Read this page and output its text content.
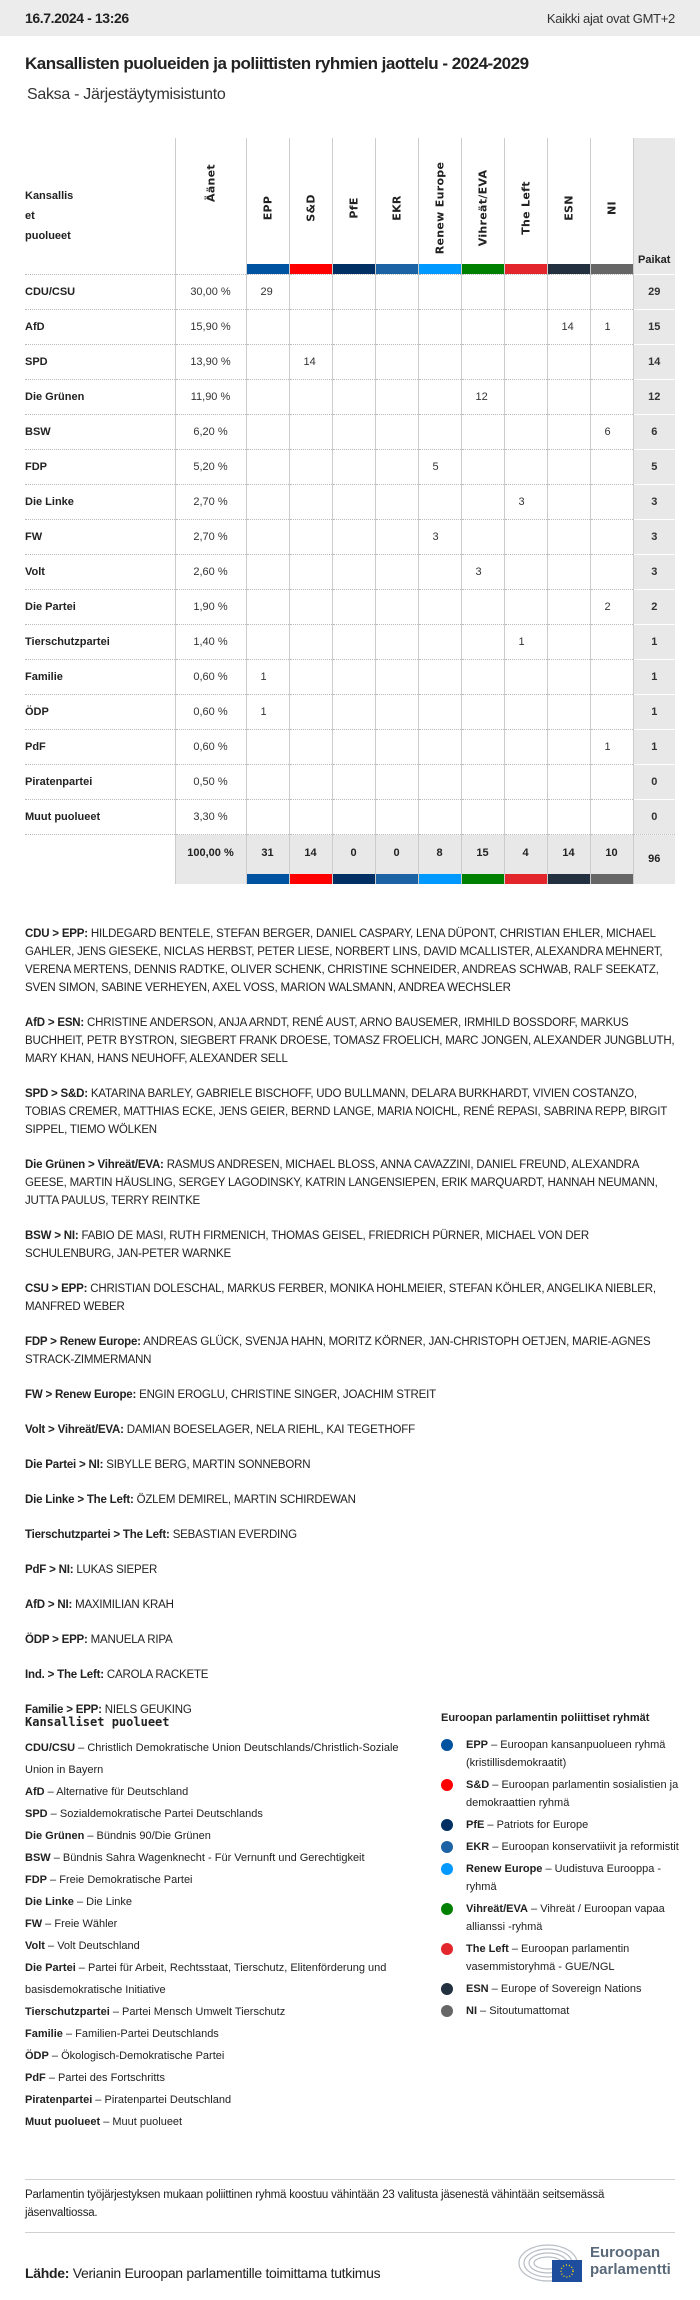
16.7.2024 - 13:26	Kaikki ajat ovat GMT+2
Kansallisten puolueiden ja poliittisten ryhmien jaottelu - 2024-2029
Saksa - Järjestäytymisistunto
Kansallis
et
puolueet	Äänet	EPP	S&D	PfE	EKR	Renew Europe	Vihreät/EVA	The Left	ESN	NI	Paikat
CDU/CSU	30,00 %	29									29
AfD	15,90 %								14	1	15
SPD	13,90 %		14								14
Die Grünen	11,90 %						12				12
BSW	6,20 %									6	6
FDP	5,20 %					5					5
Die Linke	2,70 %							3			3
FW	2,70 %					3					3
Volt	2,60 %						3				3
Die Partei	1,90 %									2	2
Tierschutzpartei	1,40 %							1			1
Familie	0,60 %	1									1
ÖDP	0,60 %	1									1
PdF	0,60 %									1	1
Piratenpartei	0,50 %										0
Muut puolueet	3,30 %										0
	100,00 %	31	14	0	0	8	15	4	14	10	96

CDU > EPP: HILDEGARD BENTELE, STEFAN BERGER, DANIEL CASPARY, LENA DÜPONT, CHRISTIAN EHLER, MICHAEL GAHLER, JENS GIESEKE, NICLAS HERBST, PETER LIESE, NORBERT LINS, DAVID MCALLISTER, ALEXANDRA MEHNERT, VERENA MERTENS, DENNIS RADTKE, OLIVER SCHENK, CHRISTINE SCHNEIDER, ANDREAS SCHWAB, RALF SEEKATZ, SVEN SIMON, SABINE VERHEYEN, AXEL VOSS, MARION WALSMANN, ANDREA WECHSLER

AfD > ESN: CHRISTINE ANDERSON, ANJA ARNDT, RENÉ AUST, ARNO BAUSEMER, IRMHILD BOSSDORF, MARKUS BUCHHEIT, PETR BYSTRON, SIEGBERT FRANK DROESE, TOMASZ FROELICH, MARC JONGEN, ALEXANDER JUNGBLUTH, MARY KHAN, HANS NEUHOFF, ALEXANDER SELL

SPD > S&D: KATARINA BARLEY, GABRIELE BISCHOFF, UDO BULLMANN, DELARA BURKHARDT, VIVIEN COSTANZO, TOBIAS CREMER, MATTHIAS ECKE, JENS GEIER, BERND LANGE, MARIA NOICHL, RENÉ REPASI, SABRINA REPP, BIRGIT SIPPEL, TIEMO WÖLKEN

Die Grünen > Vihreät/EVA: RASMUS ANDRESEN, MICHAEL BLOSS, ANNA CAVAZZINI, DANIEL FREUND, ALEXANDRA GEESE, MARTIN HÄUSLING, SERGEY LAGODINSKY, KATRIN LANGENSIEPEN, ERIK MARQUARDT, HANNAH NEUMANN, JUTTA PAULUS, TERRY REINTKE

BSW > NI: FABIO DE MASI, RUTH FIRMENICH, THOMAS GEISEL, FRIEDRICH PÜRNER, MICHAEL VON DER SCHULENBURG, JAN-PETER WARNKE

CSU > EPP: CHRISTIAN DOLESCHAL, MARKUS FERBER, MONIKA HOHLMEIER, STEFAN KÖHLER, ANGELIKA NIEBLER, MANFRED WEBER

FDP > Renew Europe: ANDREAS GLÜCK, SVENJA HAHN, MORITZ KÖRNER, JAN-CHRISTOPH OETJEN, MARIE-AGNES STRACK-ZIMMERMANN

FW > Renew Europe: ENGIN EROGLU, CHRISTINE SINGER, JOACHIM STREIT

Volt > Vihreät/EVA: DAMIAN BOESELAGER, NELA RIEHL, KAI TEGETHOFF

Die Partei > NI: SIBYLLE BERG, MARTIN SONNEBORN

Die Linke > The Left: ÖZLEM DEMIREL, MARTIN SCHIRDEWAN

Tierschutzpartei > The Left: SEBASTIAN EVERDING

PdF > NI: LUKAS SIEPER

AfD > NI: MAXIMILIAN KRAH

ÖDP > EPP: MANUELA RIPA

Ind. > The Left: CAROLA RACKETE

Familie > EPP: NIELS GEUKING

Kansalliset puolueet
CDU/CSU – Christlich Demokratische Union Deutschlands/Christlich-Soziale Union in Bayern
AfD – Alternative für Deutschland
SPD – Sozialdemokratische Partei Deutschlands
Die Grünen – Bündnis 90/Die Grünen
BSW – Bündnis Sahra Wagenknecht - Für Vernunft und Gerechtigkeit
FDP – Freie Demokratische Partei
Die Linke – Die Linke
FW – Freie Wähler
Volt – Volt Deutschland
Die Partei – Partei für Arbeit, Rechtsstaat, Tierschutz, Elitenförderung und basisdemokratische Initiative
Tierschutzpartei – Partei Mensch Umwelt Tierschutz
Familie – Familien-Partei Deutschlands
ÖDP – Ökologisch-Demokratische Partei
PdF – Partei des Fortschritts
Piratenpartei – Piratenpartei Deutschland
Muut puolueet – Muut puolueet
Euroopan parlamentin poliittiset ryhmät
EPP – Euroopan kansanpuolueen ryhmä (kristillisdemokraatit)
S&D – Euroopan parlamentin sosialistien ja demokraattien ryhmä
PfE – Patriots for Europe
EKR – Euroopan konservatiivit ja reformistit
Renew Europe – Uudistuva Eurooppa -ryhmä
Vihreät/EVA – Vihreät / Euroopan vapaa allianssi -ryhmä
The Left – Euroopan parlamentin vasemmistoryhmä - GUE/NGL
ESN – Europe of Sovereign Nations
NI – Sitoutumattomat
Parlamentin työjärjestyksen mukaan poliittinen ryhmä koostuu vähintään 23 valitusta jäsenestä vähintään seitsemässä jäsenvaltiossa.
Lähde: Verianin Euroopan parlamentille toimittama tutkimus
Euroopan
parlamentti
